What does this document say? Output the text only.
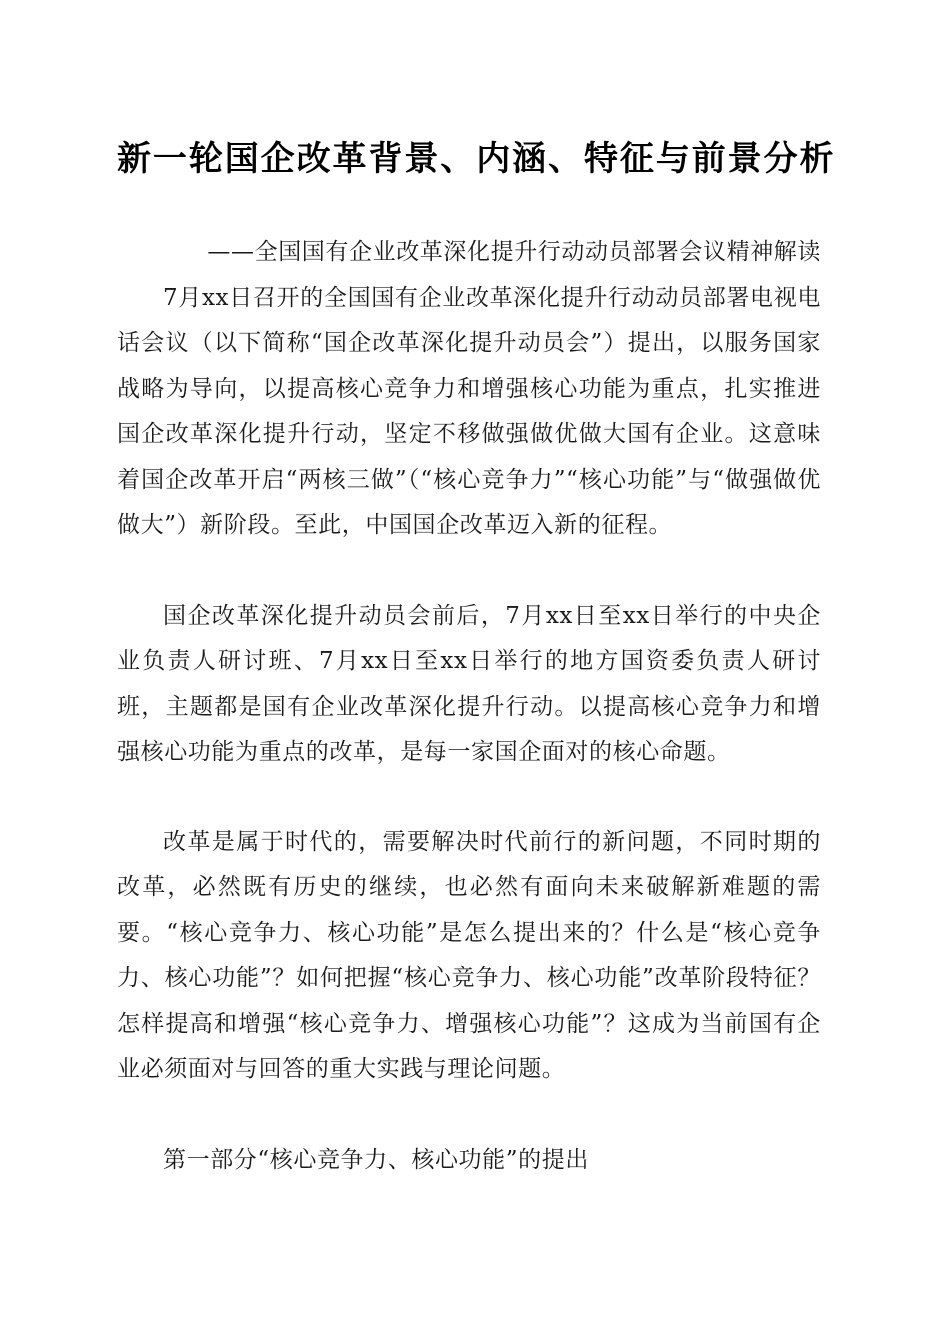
新一轮国企改革背景、内涵、特征与前景分析

——全国国有企业改革深化提升行动动员部署会议精神解读

7月xx日召开的全国国有企业改革深化提升行动动员部署电视电话会议（以下简称“国企改革深化提升动员会”）提出，以服务国家战略为导向，以提高核心竞争力和增强核心功能为重点，扎实推进国企改革深化提升行动，坚定不移做强做优做大国有企业。这意味着国企改革开启“两核三做”（“核心竞争力”“核心功能”与“做强做优做大”）新阶段。至此，中国国企改革迈入新的征程。

国企改革深化提升动员会前后，7月xx日至xx日举行的中央企业负责人研讨班、7月xx日至xx日举行的地方国资委负责人研讨班，主题都是国有企业改革深化提升行动。以提高核心竞争力和增强核心功能为重点的改革，是每一家国企面对的核心命题。

改革是属于时代的，需要解决时代前行的新问题，不同时期的改革，必然既有历史的继续，也必然有面向未来破解新难题的需要。“核心竞争力、核心功能”是怎么提出来的？什么是“核心竞争力、核心功能”？如何把握“核心竞争力、核心功能”改革阶段特征？怎样提高和增强“核心竞争力、增强核心功能”？这成为当前国有企业必须面对与回答的重大实践与理论问题。

第一部分“核心竞争力、核心功能”的提出
